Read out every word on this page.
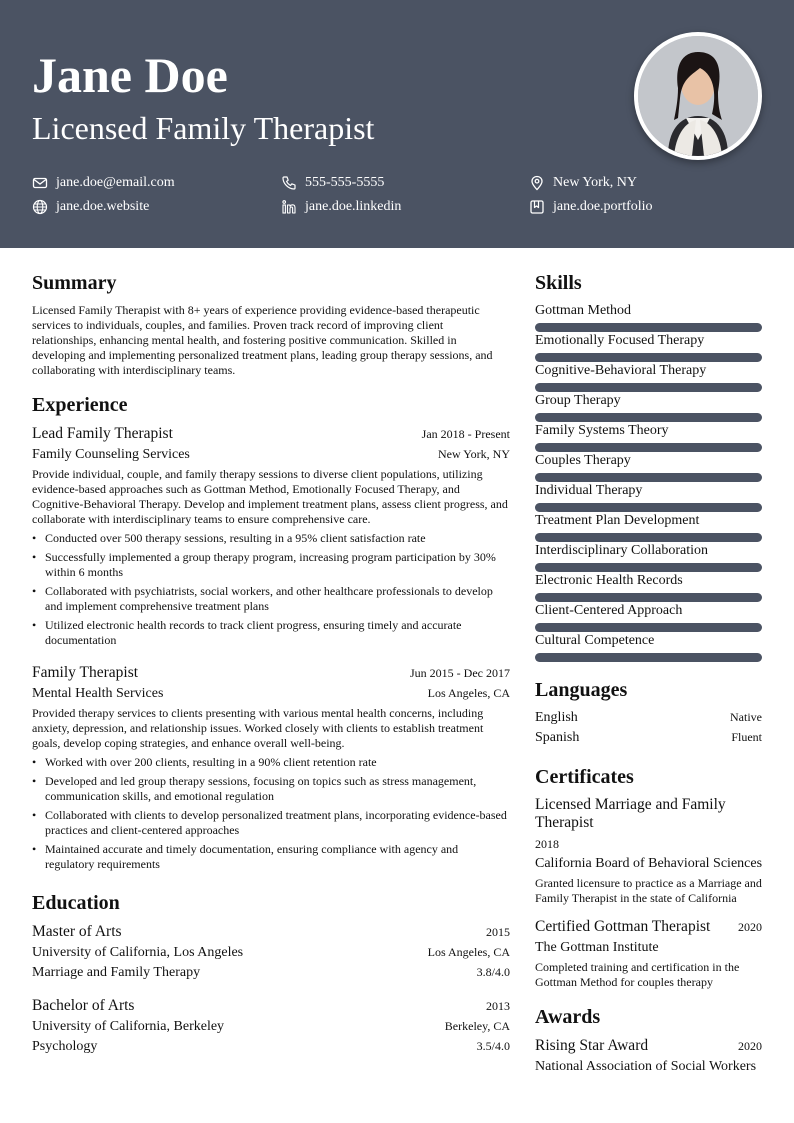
Jane Doe
Licensed Family Therapist
jane.doe@email.com	555-555-5555	New York, NY
jane.doe.website	jane.doe.linkedin	jane.doe.portfolio
Summary
Licensed Family Therapist with 8+ years of experience providing evidence-based therapeutic services to individuals, couples, and families. Proven track record of improving client relationships, enhancing mental health, and fostering positive communication. Skilled in developing and implementing personalized treatment plans, leading group therapy sessions, and collaborating with interdisciplinary teams.
Experience
Lead Family Therapist	Jan 2018 - Present
Family Counseling Services	New York, NY
Provide individual, couple, and family therapy sessions to diverse client populations, utilizing evidence-based approaches such as Gottman Method, Emotionally Focused Therapy, and Cognitive-Behavioral Therapy. Develop and implement treatment plans, assess client progress, and collaborate with interdisciplinary teams to ensure comprehensive care.
• Conducted over 500 therapy sessions, resulting in a 95% client satisfaction rate
• Successfully implemented a group therapy program, increasing program participation by 30% within 6 months
• Collaborated with psychiatrists, social workers, and other healthcare professionals to develop and implement comprehensive treatment plans
• Utilized electronic health records to track client progress, ensuring timely and accurate documentation
Family Therapist	Jun 2015 - Dec 2017
Mental Health Services	Los Angeles, CA
Provided therapy services to clients presenting with various mental health concerns, including anxiety, depression, and relationship issues. Worked closely with clients to establish treatment goals, develop coping strategies, and enhance overall well-being.
• Worked with over 200 clients, resulting in a 90% client retention rate
• Developed and led group therapy sessions, focusing on topics such as stress management, communication skills, and emotional regulation
• Collaborated with clients to develop personalized treatment plans, incorporating evidence-based practices and client-centered approaches
• Maintained accurate and timely documentation, ensuring compliance with agency and regulatory requirements
Education
Master of Arts	2015
University of California, Los Angeles	Los Angeles, CA
Marriage and Family Therapy	3.8/4.0
Bachelor of Arts	2013
University of California, Berkeley	Berkeley, CA
Psychology	3.5/4.0
Skills
Gottman Method
Emotionally Focused Therapy
Cognitive-Behavioral Therapy
Group Therapy
Family Systems Theory
Couples Therapy
Individual Therapy
Treatment Plan Development
Interdisciplinary Collaboration
Electronic Health Records
Client-Centered Approach
Cultural Competence
Languages
English	Native
Spanish	Fluent
Certificates
Licensed Marriage and Family Therapist
2018
California Board of Behavioral Sciences
Granted licensure to practice as a Marriage and Family Therapist in the state of California
Certified Gottman Therapist 2020
The Gottman Institute
Completed training and certification in the Gottman Method for couples therapy
Awards
Rising Star Award	2020
National Association of Social Workers
